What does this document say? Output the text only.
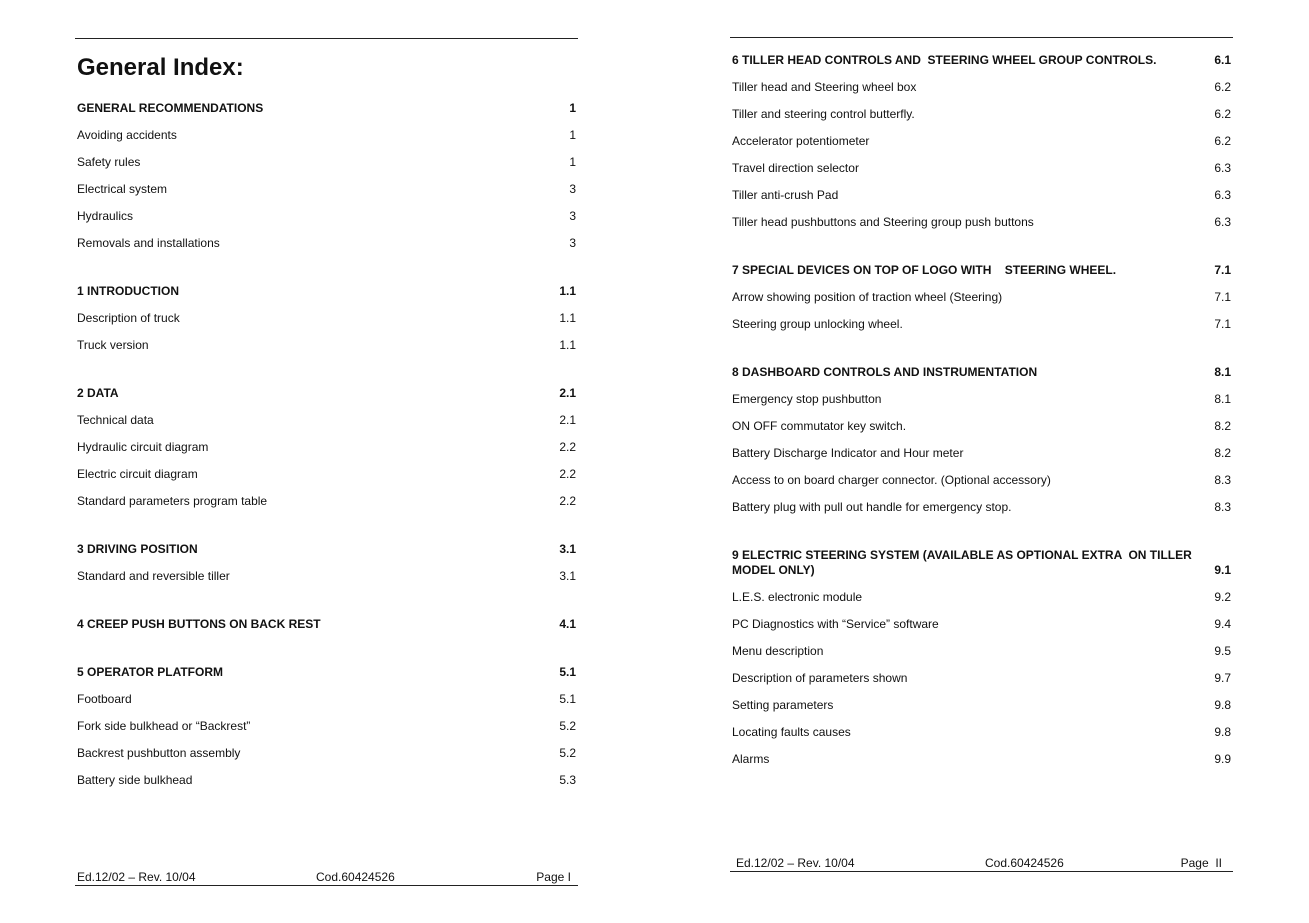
General Index:
GENERAL RECOMMENDATIONS	1
Avoiding accidents	1
Safety rules	1
Electrical system	3
Hydraulics	3
Removals and installations	3
1 INTRODUCTION	1.1
Description of truck	1.1
Truck version	1.1
2 DATA	2.1
Technical data	2.1
Hydraulic circuit diagram	2.2
Electric circuit diagram	2.2
Standard parameters program table	2.2
3 DRIVING POSITION	3.1
Standard and reversible tiller	3.1
4 CREEP PUSH BUTTONS ON BACK REST	4.1
5 OPERATOR PLATFORM	5.1
Footboard	5.1
Fork side bulkhead or “Backrest”	5.2
Backrest pushbutton assembly	5.2
Battery side bulkhead	5.3
Ed.12/02 – Rev. 10/04	Cod.60424526	Page I
6 TILLER HEAD CONTROLS AND  STEERING WHEEL GROUP CONTROLS.	6.1
Tiller head and Steering wheel box	6.2
Tiller and steering control butterfly.	6.2
Accelerator potentiometer	6.2
Travel direction selector	6.3
Tiller anti-crush Pad	6.3
Tiller head pushbuttons and Steering group push buttons	6.3
7 SPECIAL DEVICES ON TOP OF LOGO WITH    STEERING WHEEL.	7.1
Arrow showing position of traction wheel (Steering)	7.1
Steering group unlocking wheel.	7.1
8 DASHBOARD CONTROLS AND INSTRUMENTATION	8.1
Emergency stop pushbutton	8.1
ON OFF commutator key switch.	8.2
Battery Discharge Indicator and Hour meter	8.2
Access to on board charger connector. (Optional accessory)	8.3
Battery plug with pull out handle for emergency stop.	8.3
9 ELECTRIC STEERING SYSTEM (AVAILABLE AS OPTIONAL EXTRA  ON TILLER MODEL ONLY)	9.1
L.E.S. electronic module	9.2
PC Diagnostics with “Service” software	9.4
Menu description	9.5
Description of parameters shown	9.7
Setting parameters	9.8
Locating faults causes	9.8
Alarms	9.9
Ed.12/02 – Rev. 10/04	Cod.60424526	Page  II
